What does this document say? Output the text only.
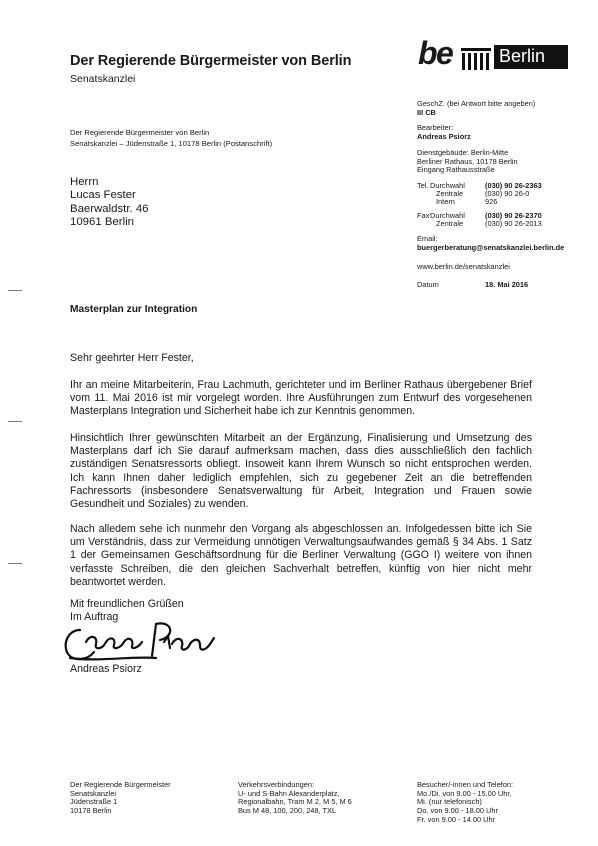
Der Regierende Bürgermeister von Berlin
Senatskanzlei
be	Berlin
Der Regierende Bürgermeister von Berlin
Senatskanzlei – Jüdenstraße 1, 10178 Berlin (Postanschrift)
Herrn
Lucas Fester
Baerwaldstr. 46
10961 Berlin
GeschZ. (bei Antwort bitte angeben)
III CB
Bearbeiter:
Andreas Psiorz
Dienstgebäude: Berlin-Mitte
Berliner Rathaus, 10178 Berlin
Eingang Rathausstraße
Tel. Durchwahl	(030) 90 26-2363
Zentrale	(030) 90 26-0
Intern	926
Fax Durchwahl	(030) 90 26-2370
Zentrale	(030) 90 26-2013
Email:
buergerberatung@senatskanzlei.berlin.de
www.berlin.de/senatskanzlei
Datum	18. Mai 2016
Masterplan zur Integration
Sehr geehrter Herr Fester,
Ihr an meine Mitarbeiterin, Frau Lachmuth, gerichteter und im Berliner Rathaus übergebener Brief vom 11. Mai 2016 ist mir vorgelegt worden. Ihre Ausführungen zum Entwurf des vorgesehenen Masterplans Integration und Sicherheit habe ich zur Kenntnis genommen.
Hinsichtlich Ihrer gewünschten Mitarbeit an der Ergänzung, Finalisierung und Umsetzung des Masterplans darf ich Sie darauf aufmerksam machen, dass dies ausschließlich den fachlich zuständigen Senatsressorts obliegt. Insoweit kann Ihrem Wunsch so nicht entsprochen werden. Ich kann Ihnen daher lediglich empfehlen, sich zu gegebener Zeit an die betreffenden Fachressorts (insbesondere Senatsverwaltung für Arbeit, Integration und Frauen sowie Gesundheit und Soziales) zu wenden.
Nach alledem sehe ich nunmehr den Vorgang als abgeschlossen an. Infolgedessen bitte ich Sie um Verständnis, dass zur Vermeidung unnötigen Verwaltungsaufwandes gemäß § 34 Abs. 1 Satz 1 der Gemeinsamen Geschäftsordnung für die Berliner Verwaltung (GGO I) weitere von ihnen verfasste Schreiben, die den gleichen Sachverhalt betreffen, künftig von hier nicht mehr beantwortet werden.
Mit freundlichen Grüßen
Im Auftrag
Andreas Psiorz
Der Regierende Bürgermeister
Senatskanzlei
Jüdenstraße 1
10178 Berlin
Verkehrsverbindungen:
U- und S-Bahn Alexanderplatz,
Regionalbahn, Tram M 2, M 5, M 6
Bus M 48, 100, 200, 248, TXL
Besucher/-innen und Telefon:
Mo./Di. von 9.00 - 15.00 Uhr,
Mi. (nur telefonisch)
Do. von 9.00 - 18.00 Uhr
Fr. von 9.00 - 14.00 Uhr
